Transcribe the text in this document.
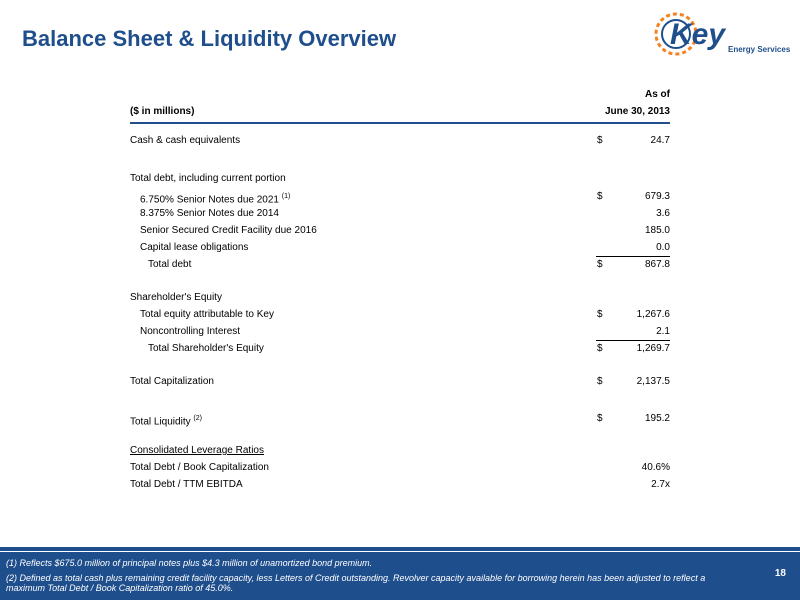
Balance Sheet & Liquidity Overview	Key Energy Services
As of
($ in millions)	June 30, 2013
Cash & cash equivalents	$	24.7
Total debt, including current portion
6.750% Senior Notes due 2021 $^{(1)}$	$	679.3
8.375% Senior Notes due 2014	3.6
Senior Secured Credit Facility due 2016	185.0
Capital lease obligations	0.0
Total debt	$	867.8
Shareholder's Equity
Total equity attributable to Key	$	1,267.6
Noncontrolling Interest	2.1
Total Shareholder's Equity	$	1,269.7
Total Capitalization	$	2,137.5
Total Liquidity $^{(2)}$	$	195.2
Consolidated Leverage Ratios
Total Debt / Book Capitalization	40.6%
Total Debt / TTM EBITDA	2.7x
(1) Reflects $675.0 million of principal notes plus $4.3 million of unamortized bond premium.
(2) Defined as total cash plus remaining credit facility capacity, less Letters of Credit outstanding. Revolver capacity available for borrowing herein has been adjusted to reflect a maximum Total Debt / Book Capitalization ratio of 45.0%.
18
